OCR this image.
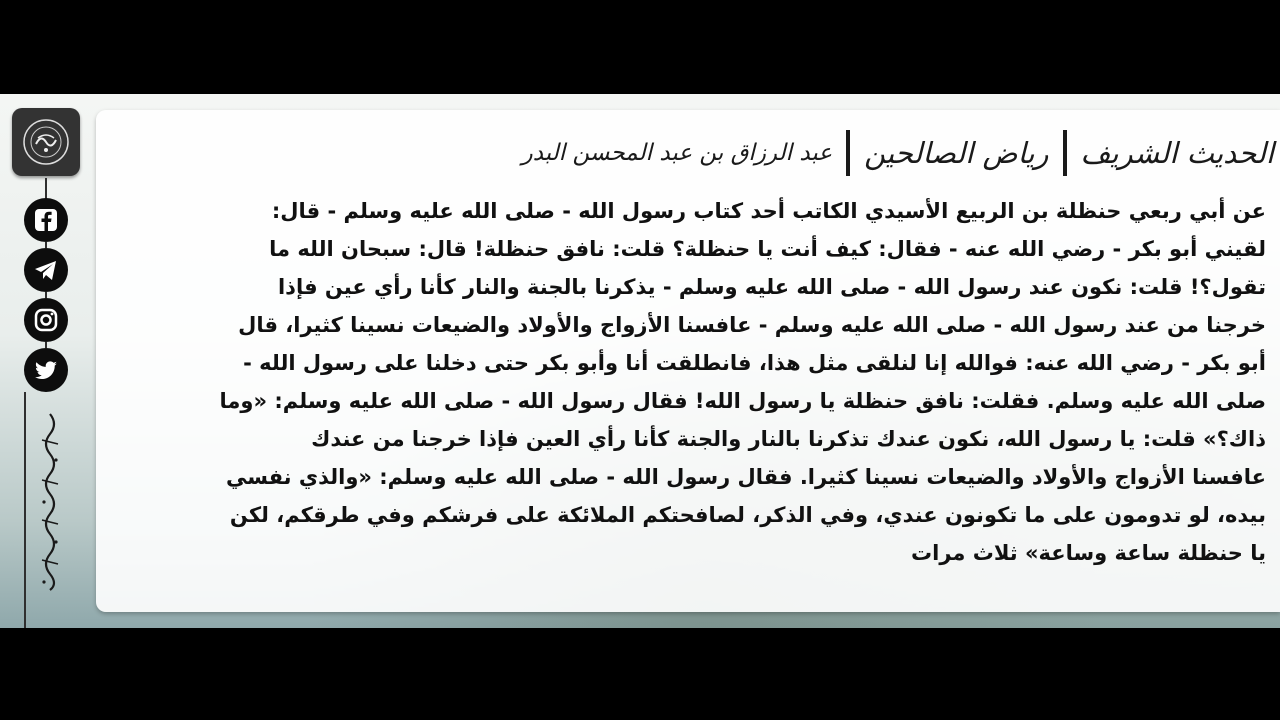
الحديث الشريف
رياض الصالحين
عبد الرزاق بن عبد المحسن البدر
عن أبي ربعي حنظلة بن الربيع الأسيدي الكاتب أحد كتاب رسول الله - صلى الله عليه وسلم - قال:
لقيني أبو بكر - رضي الله عنه - فقال: كيف أنت يا حنظلة؟ قلت: نافق حنظلة! قال: سبحان الله ما
تقول؟! قلت: نكون عند رسول الله - صلى الله عليه وسلم - يذكرنا بالجنة والنار كأنا رأي عين فإذا
خرجنا من عند رسول الله - صلى الله عليه وسلم - عافسنا الأزواج والأولاد والضيعات نسينا كثيرا، قال
أبو بكر - رضي الله عنه: فوالله إنا لنلقى مثل هذا، فانطلقت أنا وأبو بكر حتى دخلنا على رسول الله -
صلى الله عليه وسلم. فقلت: نافق حنظلة يا رسول الله! فقال رسول الله - صلى الله عليه وسلم: «وما
ذاك؟» قلت: يا رسول الله، نكون عندك تذكرنا بالنار والجنة كأنا رأي العين فإذا خرجنا من عندك
عافسنا الأزواج والأولاد والضيعات نسينا كثيرا. فقال رسول الله - صلى الله عليه وسلم: «والذي نفسي
بيده، لو تدومون على ما تكونون عندي، وفي الذكر، لصافحتكم الملائكة على فرشكم وفي طرقكم، لكن
يا حنظلة ساعة وساعة» ثلاث مرات
